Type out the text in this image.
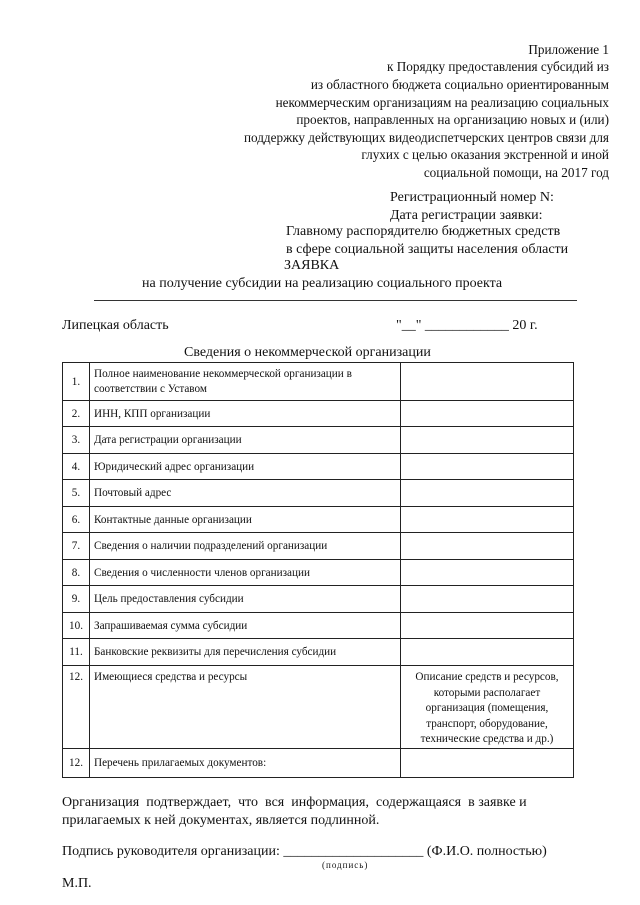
Приложение 1
к Порядку предоставления субсидий из
из областного бюджета социально ориентированным
некоммерческим организациям на реализацию социальных
проектов, направленных на организацию новых и (или)
поддержку действующих видеодиспетчерских центров связи для
глухих с целью оказания экстренной и иной
социальной помощи, на 2017 год
Регистрационный номер N:
Дата регистрации заявки:
Главному распорядителю бюджетных средств
в сфере социальной защиты населения области
ЗАЯВКА
на получение субсидии на реализацию социального проекта
Липецкая область	"__" ____________ 20 г.
Сведения о некоммерческой организации
1.	Полное наименование некоммерческой организации в соответствии с Уставом	
2.	ИНН, КПП организации	
3.	Дата регистрации организации	
4.	Юридический адрес организации	
5.	Почтовый адрес	
6.	Контактные данные организации	
7.	Сведения о наличии подразделений организации	
8.	Сведения о численности членов организации	
9.	Цель предоставления субсидии	
10.	Запрашиваемая сумма субсидии	
11.	Банковские реквизиты для перечисления субсидии	
12.	Имеющиеся средства и ресурсы	Описание средств и ресурсов, которыми располагает организация (помещения, транспорт, оборудование, технические средства и др.)
12.	Перечень прилагаемых документов:	
Организация  подтверждает,  что  вся  информация,  содержащаяся  в заявке и
прилагаемых к ней документах, является подлинной.
Подпись руководителя организации: ____________________ (Ф.И.О. полностью)
(подпись)
М.П.
